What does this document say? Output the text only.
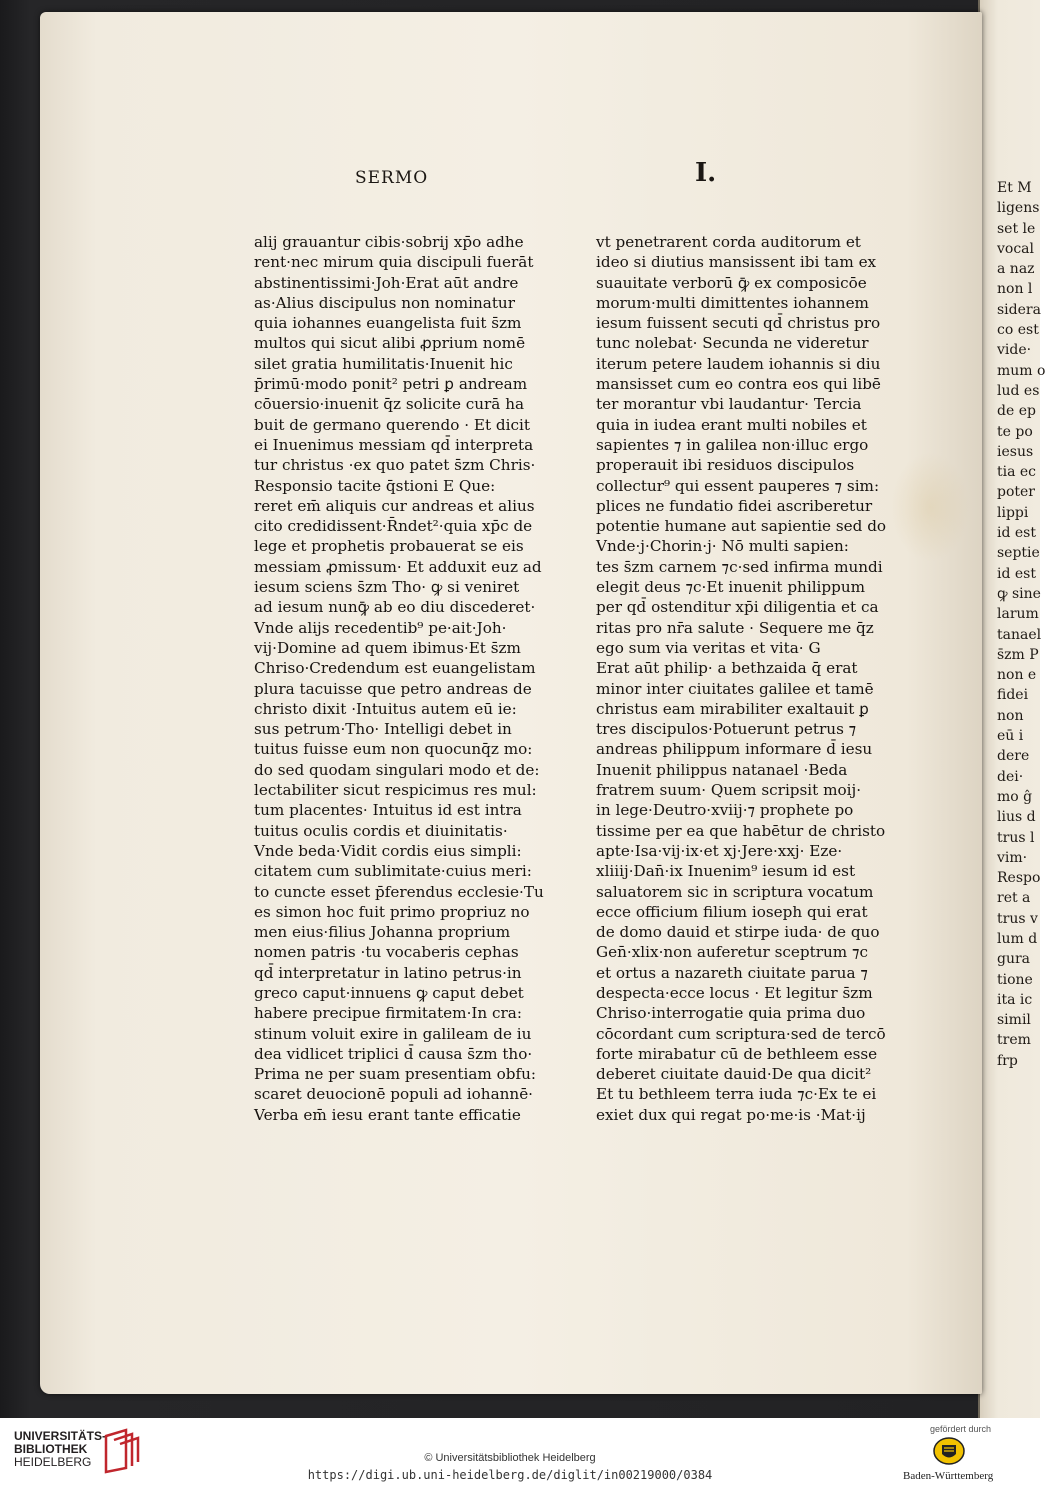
Et M
ligens
set le
vocal
a naz
non l
sidera
co est
vide·
mum o
lud es
de ep
te po
iesus
tia ec
poter
lippi
id est
septie
id est
ꝙ sine
larum
tanael
s̄zm P
non e
fidei
non
eū i
dere
dei·
mo ĝ
lius d
trus l
vim·
Respo
ret a
trus v
lum d
gura
tione
ita ic
simil
trem
frp
SERMO	I.
alij grauantur cibis·sobrij xp̄o adhe
rent·nec mirum quia discipuli fuerāt
abstinentissimi·Joh·Erat aūt andre
as·Alius discipulus non nominatur
quia iohannes euangelista fuit s̄zm
multos qui sicut alibi ꝓprium nomē
silet gratia humilitatis·Inuenit hic
p̄rimū·modo ponit² petri ꝑ andream
cōuersio·inuenit q̄z solicite curā ha
buit de germano querendo · Et dicit
ei Inuenimus messiam qd̄ interpreta
tur christus ·ex quo patet s̄zm Chris·
Responsio tacite q̄stioni E Que:
reret em̄ aliquis cur andreas et alius
cito credidissent·R̄ndet²·quia xp̄c de
lege et prophetis probauerat se eis
messiam ꝓmissum· Et adduxit euz ad
iesum sciens s̄zm Tho· ꝙ si veniret
ad iesum nunꝙ̄ ab eo diu discederet·
Vnde alijs recedentib⁹ pe·ait·Joh·
vij·Domine ad quem ibimus·Et s̄zm
Chriso·Credendum est euangelistam
plura tacuisse que petro andreas de
christo dixit ·Intuitus autem eū ie:
sus petrum·Tho· Intelligi debet in
tuitus fuisse eum non quocunq̄z mo:
do sed quodam singulari modo et de:
lectabiliter sicut respicimus res mul:
tum placentes· Intuitus id est intra
tuitus oculis cordis et diuinitatis·
Vnde beda·Vidit cordis eius simpli:
citatem cum sublimitate·cuius meri:
to cuncte esset p̄ferendus ecclesie·Tu
es simon hoc fuit primo propriuz no
men eius·filius Johanna proprium
nomen patris ·tu vocaberis cephas
qd̄ interpretatur in latino petrus·in
greco caput·innuens ꝙ caput debet
habere precipue firmitatem·In cra:
stinum voluit exire in galileam de iu
dea vidlicet triplici d̄ causa s̄zm tho·
Prima ne per suam presentiam obfu:
scaret deuocionē populi ad iohannē·
Verba em̄ iesu erant tante efficatie
vt penetrarent corda auditorum et
ideo si diutius mansissent ibi tam ex
suauitate verborū ꝙ̄ ex composicōe
morum·multi dimittentes iohannem
iesum fuissent secuti qd̄ christus pro
tunc nolebat· Secunda ne videretur
iterum petere laudem iohannis si diu
mansisset cum eo contra eos qui libē
ter morantur vbi laudantur· Tercia
quia in iudea erant multi nobiles et
sapientes ⁊ in galilea non·illuc ergo
properauit ibi residuos discipulos
collectur⁹ qui essent pauperes ⁊ sim:
plices ne fundatio fidei ascriberetur
potentie humane aut sapientie sed do
Vnde·j·Chorin·j· Nō multi sapien:
tes s̄zm carnem ⁊c·sed infirma mundi
elegit deus ⁊c·Et inuenit philippum
per qd̄ ostenditur xp̄i diligentia et ca
ritas pro nr̄a salute · Sequere me q̄z
ego sum via veritas et vita· G
Erat aūt philip· a bethzaida q̄ erat
minor inter ciuitates galilee et tamē
christus eam mirabiliter exaltauit ꝑ
tres discipulos·Potuerunt petrus ⁊
andreas philippum informare d̄ iesu
Inuenit philippus natanael ·Beda
fratrem suum· Quem scripsit moij·
in lege·Deutro·xviij·⁊ prophete po
tissime per ea que habētur de christo
apte·Isa·vij·ix·et xj·Jere·xxj· Eze·
xliiij·Dan̄·ix Inuenim⁹ iesum id est
saluatorem sic in scriptura vocatum
ecce officium filium ioseph qui erat
de domo dauid et stirpe iuda· de quo
Gen̄·xlix·non auferetur sceptrum ⁊c
et ortus a nazareth ciuitate parua ⁊
despecta·ecce locus · Et legitur s̄zm
Chriso·interrogatie quia prima duo
cōcordant cum scriptura·sed de tercō
forte mirabatur cū de bethleem esse
deberet ciuitate dauid·De qua dicit²
Et tu bethleem terra iuda ⁊c·Ex te ei
exiet dux qui regat po·me·is ·Mat·ij
UNIVERSITÄTS-
BIBLIOTHEK
HEIDELBERG	© Universitätsbibliothek Heidelberg
https://digi.ub.uni-heidelberg.de/diglit/in00219000/0384
gefördert durch
Baden-Württemberg
